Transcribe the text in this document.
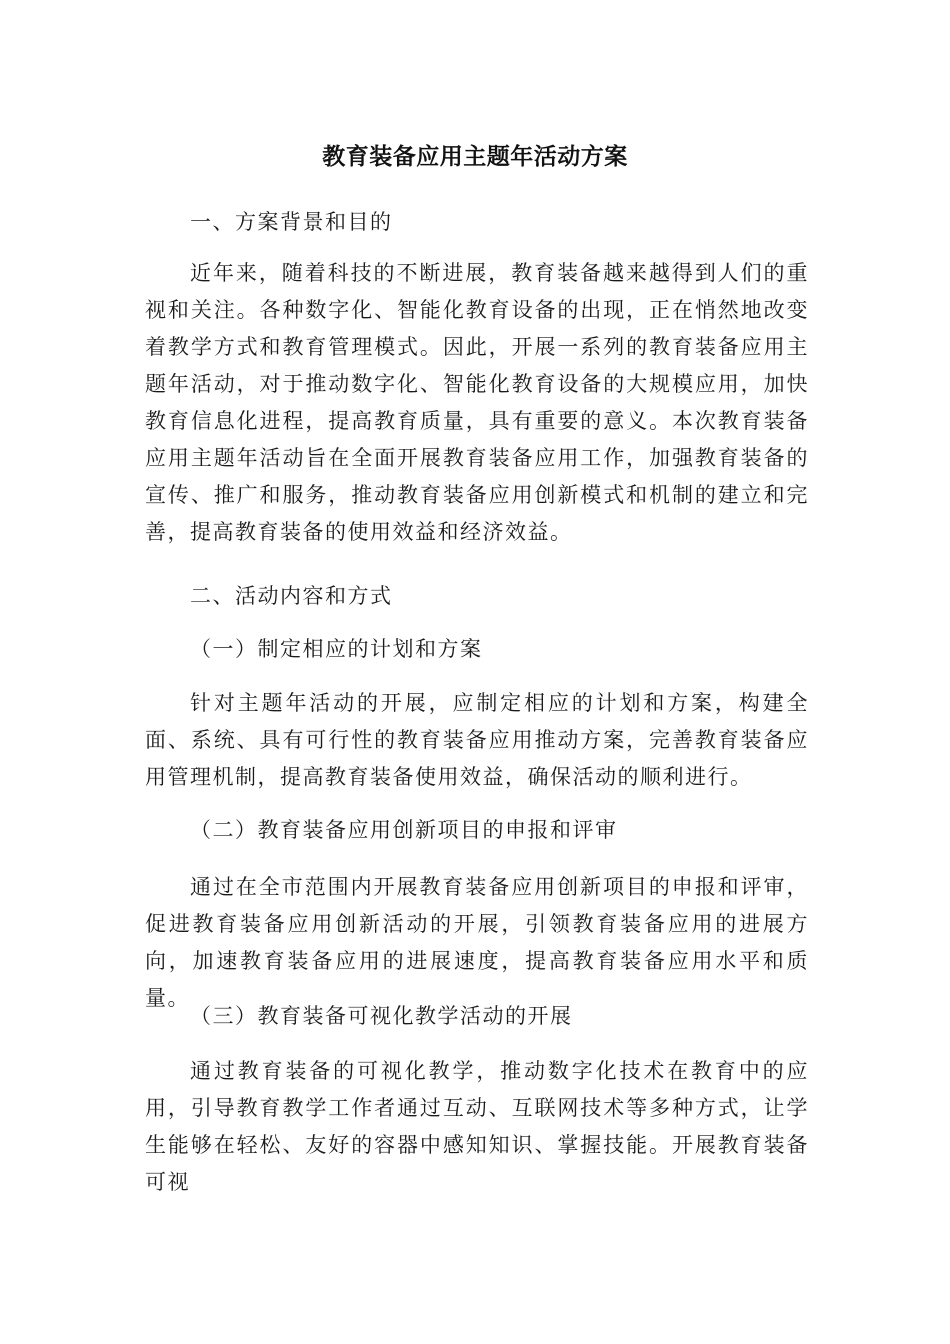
教育装备应用主题年活动方案

一、方案背景和目的

近年来，随着科技的不断进展，教育装备越来越得到人们的重视和关注。各种数字化、智能化教育设备的出现，正在悄然地改变着教学方式和教育管理模式。因此，开展一系列的教育装备应用主题年活动，对于推动数字化、智能化教育设备的大规模应用，加快教育信息化进程，提高教育质量，具有重要的意义。本次教育装备应用主题年活动旨在全面开展教育装备应用工作，加强教育装备的宣传、推广和服务，推动教育装备应用创新模式和机制的建立和完善，提高教育装备的使用效益和经济效益。

二、活动内容和方式

（一）制定相应的计划和方案

针对主题年活动的开展，应制定相应的计划和方案，构建全面、系统、具有可行性的教育装备应用推动方案，完善教育装备应用管理机制，提高教育装备使用效益，确保活动的顺利进行。

（二）教育装备应用创新项目的申报和评审

通过在全市范围内开展教育装备应用创新项目的申报和评审，促进教育装备应用创新活动的开展，引领教育装备应用的进展方向，加速教育装备应用的进展速度，提高教育装备应用水平和质量。

（三）教育装备可视化教学活动的开展

通过教育装备的可视化教学，推动数字化技术在教育中的应用，引导教育教学工作者通过互动、互联网技术等多种方式，让学生能够在轻松、友好的容器中感知知识、掌握技能。开展教育装备可视
